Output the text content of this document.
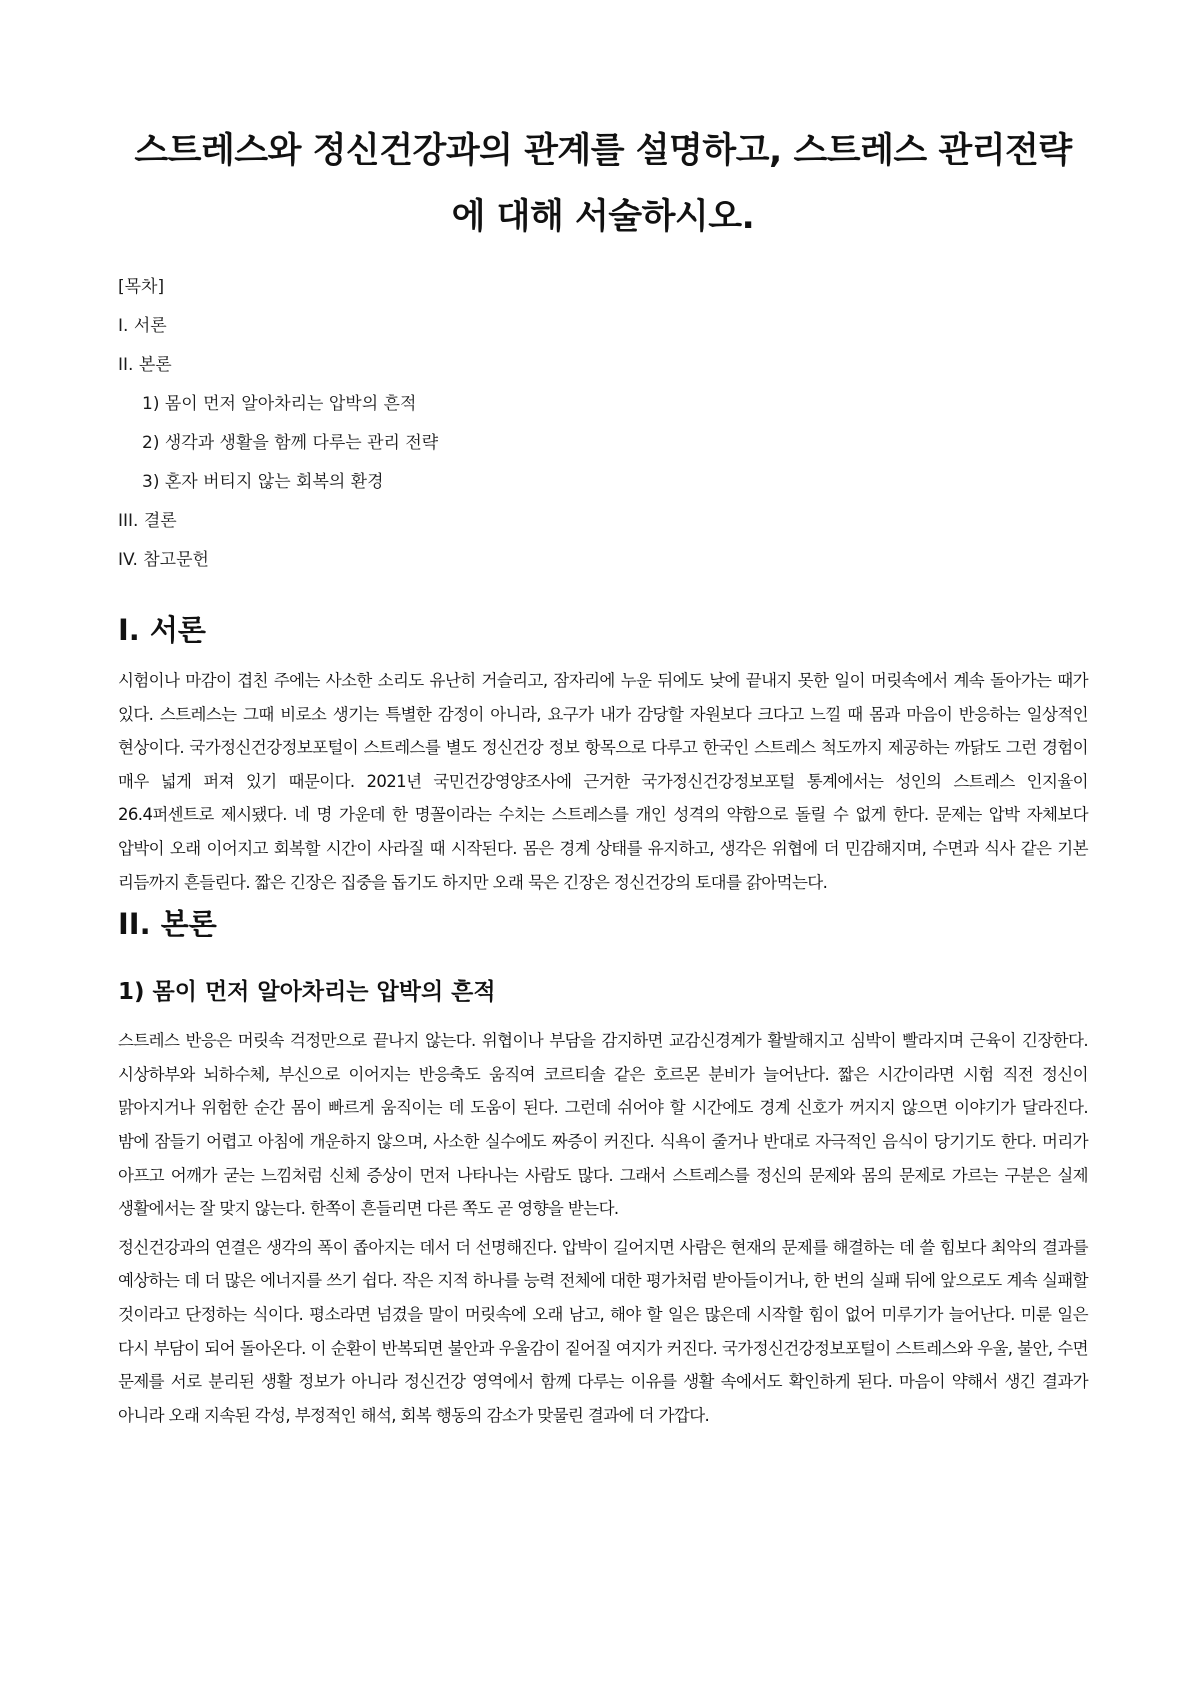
스트레스와 정신건강과의 관계를 설명하고, 스트레스 관리전략에 대해 서술하시오.
[목차]
I. 서론
II. 본론
1) 몸이 먼저 알아차리는 압박의 흔적
2) 생각과 생활을 함께 다루는 관리 전략
3) 혼자 버티지 않는 회복의 환경
III. 결론
IV. 참고문헌
I. 서론

시험이나 마감이 겹친 주에는 사소한 소리도 유난히 거슬리고, 잠자리에 누운 뒤에도 낮에 끝내지 못한 일이 머릿속에서 계속 돌아가는 때가 있다. 스트레스는 그때 비로소 생기는 특별한 감정이 아니라, 요구가 내가 감당할 자원보다 크다고 느낄 때 몸과 마음이 반응하는 일상적인 현상이다. 국가정신건강정보포털이 스트레스를 별도 정신건강 정보 항목으로 다루고 한국인 스트레스 척도까지 제공하는 까닭도 그런 경험이 매우 넓게 퍼져 있기 때문이다. 2021년 국민건강영양조사에 근거한 국가정신건강정보포털 통계에서는 성인의 스트레스 인지율이 26.4퍼센트로 제시됐다. 네 명 가운데 한 명꼴이라는 수치는 스트레스를 개인 성격의 약함으로 돌릴 수 없게 한다. 문제는 압박 자체보다 압박이 오래 이어지고 회복할 시간이 사라질 때 시작된다. 몸은 경계 상태를 유지하고, 생각은 위협에 더 민감해지며, 수면과 식사 같은 기본 리듬까지 흔들린다. 짧은 긴장은 집중을 돕기도 하지만 오래 묵은 긴장은 정신건강의 토대를 갉아먹는다.

II. 본론
1) 몸이 먼저 알아차리는 압박의 흔적

스트레스 반응은 머릿속 걱정만으로 끝나지 않는다. 위협이나 부담을 감지하면 교감신경계가 활발해지고 심박이 빨라지며 근육이 긴장한다. 시상하부와 뇌하수체, 부신으로 이어지는 반응축도 움직여 코르티솔 같은 호르몬 분비가 늘어난다. 짧은 시간이라면 시험 직전 정신이 맑아지거나 위험한 순간 몸이 빠르게 움직이는 데 도움이 된다. 그런데 쉬어야 할 시간에도 경계 신호가 꺼지지 않으면 이야기가 달라진다. 밤에 잠들기 어렵고 아침에 개운하지 않으며, 사소한 실수에도 짜증이 커진다. 식욕이 줄거나 반대로 자극적인 음식이 당기기도 한다. 머리가 아프고 어깨가 굳는 느낌처럼 신체 증상이 먼저 나타나는 사람도 많다. 그래서 스트레스를 정신의 문제와 몸의 문제로 가르는 구분은 실제 생활에서는 잘 맞지 않는다. 한쪽이 흔들리면 다른 쪽도 곧 영향을 받는다.

정신건강과의 연결은 생각의 폭이 좁아지는 데서 더 선명해진다. 압박이 길어지면 사람은 현재의 문제를 해결하는 데 쓸 힘보다 최악의 결과를 예상하는 데 더 많은 에너지를 쓰기 쉽다. 작은 지적 하나를 능력 전체에 대한 평가처럼 받아들이거나, 한 번의 실패 뒤에 앞으로도 계속 실패할 것이라고 단정하는 식이다. 평소라면 넘겼을 말이 머릿속에 오래 남고, 해야 할 일은 많은데 시작할 힘이 없어 미루기가 늘어난다. 미룬 일은 다시 부담이 되어 돌아온다. 이 순환이 반복되면 불안과 우울감이 짙어질 여지가 커진다. 국가정신건강정보포털이 스트레스와 우울, 불안, 수면 문제를 서로 분리된 생활 정보가 아니라 정신건강 영역에서 함께 다루는 이유를 생활 속에서도 확인하게 된다. 마음이 약해서 생긴 결과가 아니라 오래 지속된 각성, 부정적인 해석, 회복 행동의 감소가 맞물린 결과에 더 가깝다.
